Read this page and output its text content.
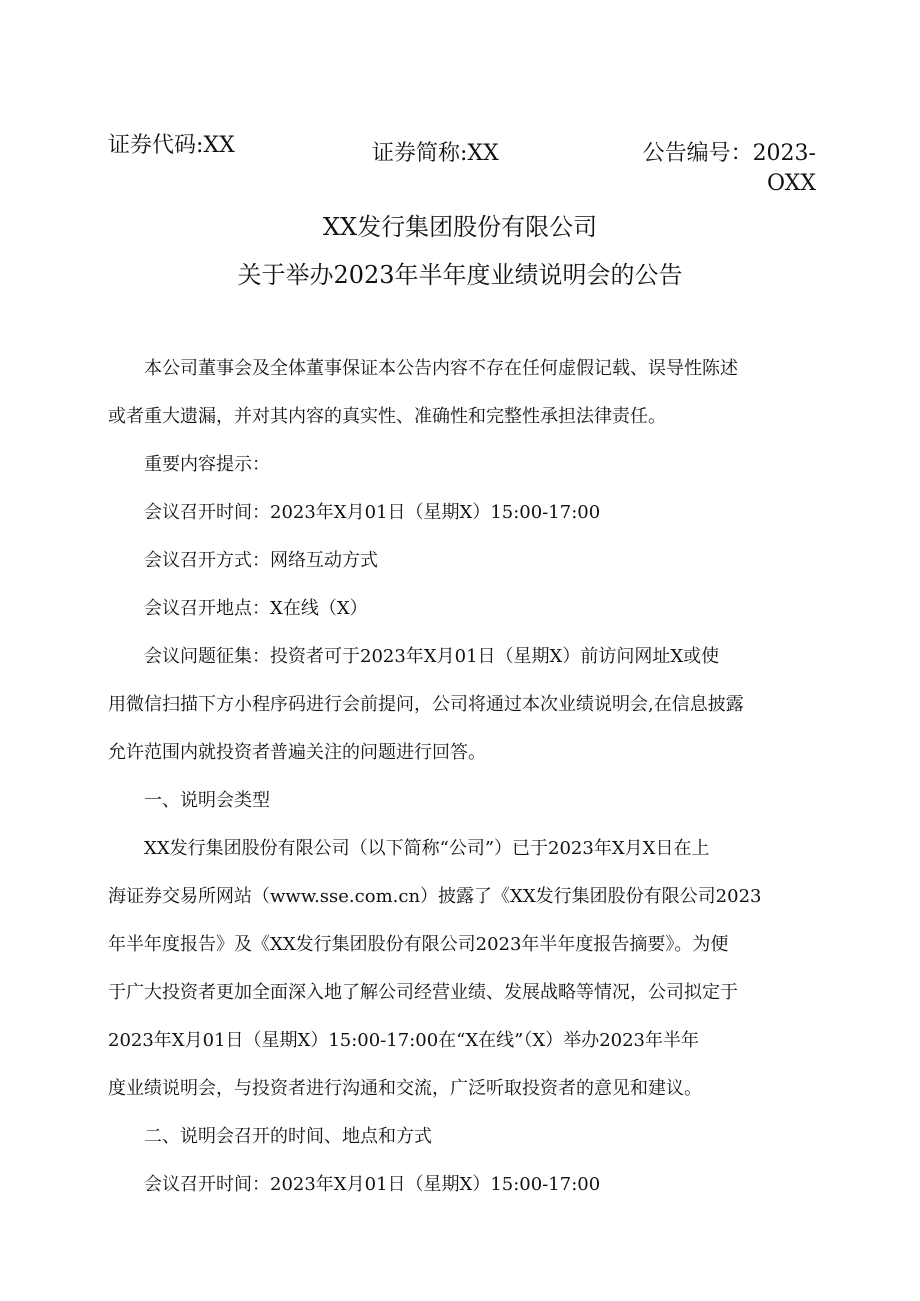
证券代码:XX	证券简称:XX	公告编号：2023-
OXX
XX发行集团股份有限公司
关于举办2023年半年度业绩说明会的公告
　　本公司董事会及全体董事保证本公告内容不存在任何虚假记载、误导性陈述
或者重大遗漏，并对其内容的真实性、准确性和完整性承担法律责任。
　　重要内容提示：
　　会议召开时间：2023年X月01日（星期X）15:00-17:00
　　会议召开方式：网络互动方式
　　会议召开地点：X在线（X）
　　会议问题征集：投资者可于2023年X月01日（星期X）前访问网址X或使
用微信扫描下方小程序码进行会前提问，公司将通过本次业绩说明会,在信息披露
允许范围内就投资者普遍关注的问题进行回答。
　　一、说明会类型
　　XX发行集团股份有限公司（以下简称“公司”）已于2023年X月X日在上
海证券交易所网站（www.sse.com.cn）披露了《XX发行集团股份有限公司2023
年半年度报告》及《XX发行集团股份有限公司2023年半年度报告摘要》。为便
于广大投资者更加全面深入地了解公司经营业绩、发展战略等情况，公司拟定于
2023年X月01日（星期X）15:00-17:00在“X在线”（X）举办2023年半年
度业绩说明会，与投资者进行沟通和交流，广泛听取投资者的意见和建议。
　　二、说明会召开的时间、地点和方式
　　会议召开时间：2023年X月01日（星期X）15:00-17:00
